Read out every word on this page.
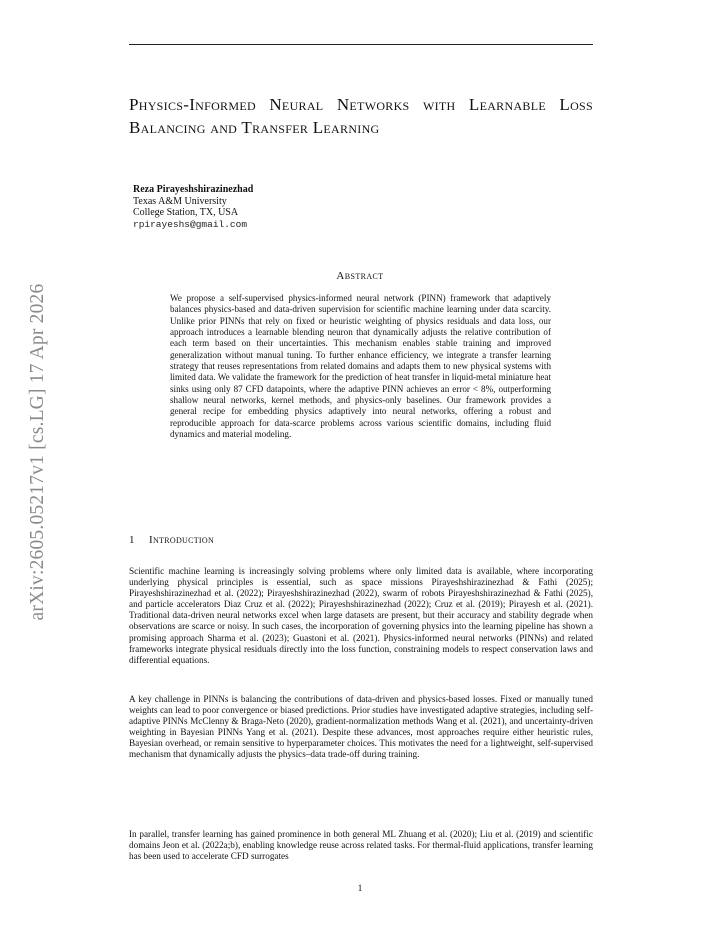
arXiv:2605.05217v1 [cs.LG] 17 Apr 2026
Physics-Informed Neural Networks with Learnable Loss Balancing and Transfer Learning
Reza Pirayeshshirazinezhad
Texas A&M University
College Station, TX, USA
rpirayeshs@gmail.com
Abstract

We propose a self-supervised physics-informed neural network (PINN) framework that adaptively balances physics-based and data-driven supervision for scientific machine learning under data scarcity. Unlike prior PINNs that rely on fixed or heuristic weighting of physics residuals and data loss, our approach introduces a learnable blending neuron that dynamically adjusts the relative contribution of each term based on their uncertainties. This mechanism enables stable training and improved generalization without manual tuning. To further enhance efficiency, we integrate a transfer learning strategy that reuses representations from related domains and adapts them to new physical systems with limited data. We validate the framework for the prediction of heat transfer in liquid-metal miniature heat sinks using only 87 CFD datapoints, where the adaptive PINN achieves an error < 8%, outperforming shallow neural networks, kernel methods, and physics-only baselines. Our framework provides a general recipe for embedding physics adaptively into neural networks, offering a robust and reproducible approach for data-scarce problems across various scientific domains, including fluid dynamics and material modeling.

1 Introduction

Scientific machine learning is increasingly solving problems where only limited data is available, where incorporating underlying physical principles is essential, such as space missions Pirayeshshirazinezhad & Fathi (2025); Pirayeshshirazinezhad et al. (2022); Pirayeshshirazinezhad (2022), swarm of robots Pirayeshshirazinezhad & Fathi (2025), and particle accelerators Diaz Cruz et al. (2022); Pirayeshshirazinezhad (2022); Cruz et al. (2019); Pirayesh et al. (2021). Traditional data-driven neural networks excel when large datasets are present, but their accuracy and stability degrade when observations are scarce or noisy. In such cases, the incorporation of governing physics into the learning pipeline has shown a promising approach Sharma et al. (2023); Guastoni et al. (2021). Physics-informed neural networks (PINNs) and related frameworks integrate physical residuals directly into the loss function, constraining models to respect conservation laws and differential equations.

A key challenge in PINNs is balancing the contributions of data-driven and physics-based losses. Fixed or manually tuned weights can lead to poor convergence or biased predictions. Prior studies have investigated adaptive strategies, including self-adaptive PINNs McClenny & Braga-Neto (2020), gradient-normalization methods Wang et al. (2021), and uncertainty-driven weighting in Bayesian PINNs Yang et al. (2021). Despite these advances, most approaches require either heuristic rules, Bayesian overhead, or remain sensitive to hyperparameter choices. This motivates the need for a lightweight, self-supervised mechanism that dynamically adjusts the physics–data trade-off during training.

In parallel, transfer learning has gained prominence in both general ML Zhuang et al. (2020); Liu et al. (2019) and scientific domains Jeon et al. (2022a;b), enabling knowledge reuse across related tasks. For thermal-fluid applications, transfer learning has been used to accelerate CFD surrogates

1
